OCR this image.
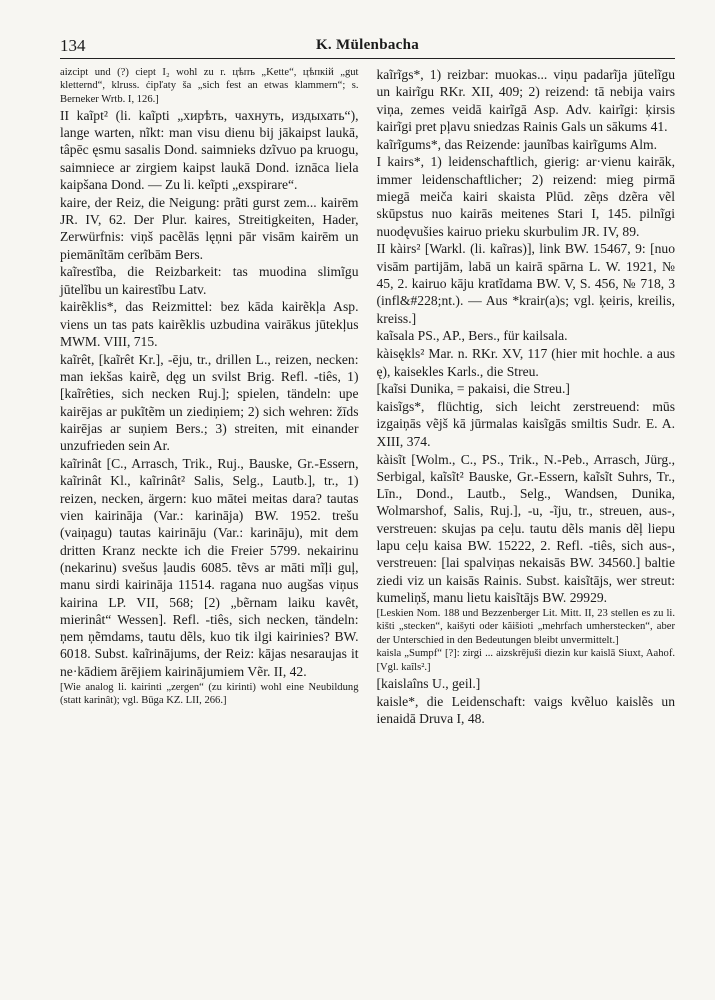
134	K. Mülenbacha

aizcipt und (?) ciept I₂ wohl zu r. цѣпъ „Kette“, цѣпкiй „gut kletternd“, klruss. ćipľaty ša „sich fest an etwas klammern“; s. Berneker Wrtb. I, 126.]

II kaĩpt² (li. kaĩpti „хирѣть, чахнуть, издыхать“), lange warten, nĩkt: man visu dienu bij jākaipst laukā, tâpēc ęsmu sasalis Dond. saimnieks dzĩvuo pa kruogu, saimniece ar zirgiem kaipst laukā Dond. iznāca liela kaipšana Dond. — Zu li. keĩpti „exspirare“.

kaire, der Reiz, die Neigung: prãti gurst zem... kairēm JR. IV, 62. Der Plur. kaires, Streitigkeiten, Hader, Zerwürfnis: viņš pacẽlās lęņni pār visām kairēm un piemānĩtām cerĩbām Bers.

kaĩrestĩba, die Reizbarkeit: tas muodina slimĩgu jūtelĩbu un kairestĩbu Latv.

kairẽklis*, das Reizmittel: bez kāda kairẽkļa Asp. viens un tas pats kairẽklis uzbudina vairākus jūtekļus MWM. VIII, 715.

kaĩrêt, [kaĩrêt Kr.], -ēju, tr., drillen L., reizen, necken: man iekšas kairẽ, dęg un svilst Brig. Refl. -tiês, 1) [kaĩrêties, sich necken Ruj.]; spielen, tändeln: upe kairējas ar pukĩtẽm un ziediņiem; 2) sich wehren: žīds kairējas ar suņiem Bers.; 3) streiten, mit einander unzufrieden sein Ar.

kaĩrinât [C., Arrasch, Trik., Ruj., Bauske, Gr.-Essern, kaĩrinât Kl., kaĩrinât² Salis, Selg., Lautb.], tr., 1) reizen, necken, ärgern: kuo mātei meitas dara? tautas vien kairināja (Var.: karināja) BW. 1952. trešu (vaiņagu) tautas kairināju (Var.: karināju), mit dem dritten Kranz neckte ich die Freier 5799. nekairinu (nekarinu) svešus ļaudis 6085. tẽvs ar māti mĩļi guļ, manu sirdi kairināja 11514. ragana nuo augšas viņus kairina LP. VII, 568; [2) „bẽrnam laiku kavêt, mierinât“ Wessen]. Refl. -tiês, sich necken, tändeln: ņem ņẽmdams, tautu dẽls, kuo tik ilgi kairinies? BW. 6018. Subst. kaĩrinājums, der Reiz: kājas nesaraujas it ne·kādiem ārējiem kairinājumiem Vẽr. II, 42.

[Wie analog li. kairinti „zergen“ (zu kirinti) wohl eine Neubildung (statt karinât); vgl. Būga KZ. LII, 266.]

kaĩrĩgs*, 1) reizbar: muokas... viņu padarĩja jūtelĩgu un kairĩgu RKr. XII, 409; 2) reizend: tā nebija vairs viņa, zemes veidā kairĩgā Asp. Adv. kairĩgi: ķirsis kairĩgi pret pļavu sniedzas Rainis Gals un sākums 41.

kaĩrĩgums*, das Reizende: jaunĩbas kairĩgums Alm.

I kairs*, 1) leidenschaftlich, gierig: ar·vienu kairāk, immer leidenschaftlicher; 2) reizend: mieg pirmā miegā meiča kairi skaista Plūd. zẽņs dzẽra vẽl skūpstus nuo kairās meitenes Stari I, 145. pilnĩgi nuodęvušies kairuo prieku skurbulim JR. IV, 89.

II kàirs² [Warkl. (li. kaĩras)], link BW. 15467, 9: [nuo visām partijām, labā un kairā spārna L. W. 1921, № 45, 2. kairuo kāju kratĩdama BW. V, S. 456, № 718, 3 (infl&#228;nt.). — Aus *krair(a)s; vgl. ķeiris, kreilis, kreiss.]

kaĩsala PS., AP., Bers., für kailsala.

kàisękls² Mar. n. RKr. XV, 117 (hier mit hochle. a aus ę), kaisekles Karls., die Streu.

[kaĩsi Dunika, = pakaisi, die Streu.]

kaisĩgs*, flüchtig, sich leicht zerstreuend: mūs izgaiņās vẽjš kā jūrmalas kaisĩgās smiltis Sudr. E. A. XIII, 374.

kàisĩt [Wolm., C., PS., Trik., N.-Peb., Arrasch, Jürg., Serbigal, kaĩsĩt² Bauske, Gr.-Essern, kaĩsĩt Suhrs, Tr., Līn., Dond., Lautb., Selg., Wandsen, Dunika, Wolmarshof, Salis, Ruj.], -u, -ĩju, tr., streuen, aus-, verstreuen: skujas pa ceļu. tautu dẽls manis dẽļ liepu lapu ceļu kaisa BW. 15222, 2. Refl. -tiês, sich aus-, verstreuen: [lai spalviņas nekaisās BW. 34560.] baltie ziedi viz un kaisās Rainis. Subst. kaisĩtājs, wer streut: kumeliņš, manu lietu kaisĩtājs BW. 29929.

[Leskien Nom. 188 und Bezzenberger Lit. Mitt. II, 23 stellen es zu li. kišti „stecken“, kaišyti oder kãišioti „mehrfach umherstecken“, aber der Unterschied in den Bedeutungen bleibt unvermittelt.]

kaisla „Sumpf“ [?]: zirgi ... aizskrējuši diezin kur kaislā Siuxt, Aahof. [Vgl. kaĩls².]

[kaislaîns U., geil.]

kaisle*, die Leidenschaft: vaigs kvẽluo kaislẽs un ienaidā Druva I, 48.
